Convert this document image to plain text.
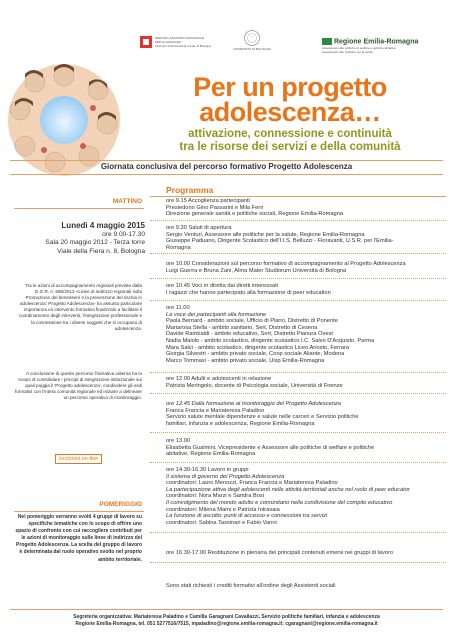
SERVIZIO SANITARIO REGIONALE
EMILIA-ROMAGNA
Azienda Unità Sanitaria Locale di Bologna
UNIVERSITÀ DI BOLOGNA
Regione Emilia-Romagna
Assessorato alle politiche di welfare e politiche abitative
Assessorato alle politiche per la salute
Per un progetto
adolescenza…
attivazione, connessione e continuità
tra le risorse dei servizi e della comunità
Giornata conclusiva del percorso formativo Progetto Adolescenza
MATTINO
Lunedì 4 maggio 2015
ore 9.00-17.30
Sala 20 maggio 2012 - Terza torre
Viale della Fiera n. 8, Bologna
Tra le azioni di accompagnamento regionali previste dalla D.G.R. n. 590/2013 «Linee di indirizzo regionali sulla Promozione del benessere e la prevenzione del rischio in adolescenza: Progetto Adolescenza» ha assunto particolare importanza un intervento formativo finalizzato a facilitare il coordinamento degli interventi, l'integrazione professionale e la connessione tra i diversi soggetti che si occupano di adolescenza.
A conclusione di questo percorso l'iniziativa odierna ha lo scopo di consolidare i principi di integrazione istituzionale sui quali poggia il 'Progetto adolescenza', condividere gli esiti formativi con l'intera comunità regionale ed iniziare a delineare un percorso operativo di monitoraggio.
iscrizioni on-line
POMERIGGIO
Nel pomeriggio verranno svolti 4 gruppi di lavoro su specifiche tematiche con lo scopo di offrire uno spazio di confronto con cui raccogliere contributi per le azioni di monitoraggio sulle linee di indirizzo del Progetto Adolescenza. La scelta del gruppo di lavoro è determinata dal ruolo operativo svolto nel proprio ambito territoriale.
Programma
ore 9.15 Accoglienza partecipanti
Presiedono Gino Passarini e Mila Ferri
Direzione generale sanità e politiche sociali, Regione Emilia-Romagna
ore 9.30 Saluti di apertura
Sergio Venturi, Assessore alle politiche per la salute, Regione Emilia-Romagna
Giuseppe Paduano, Dirigente Scolastico dell'I.I.S. Belluzzi - Fioravanti, U.S.R. per l'Emilia-
Romagna
ore 10.00 Considerazioni sul percorso formativo di accompagnamento al Progetto Adolescenza
Luigi Guerra e Bruna Zani, Alma Mater Studiorum Università di Bologna
ore 10.45 Voci in diretta dai diretti interessati
I ragazzi che hanno partecipato alla formazione di peer education
ore 11.00
La voce dei partecipanti alla formazione
Paola Bernard - ambito sociale, Ufficio di Piano, Distretto di Ponente
Mariarosa Stella - ambito sanitario, Sert, Distretto di Cesena
Davide Rambaldi - ambito educativo, Sert, Distretto Pianura Ovest
Nadia Maiolo - ambito scolastico, dirigente scolastico I.C. Salvo D'Acquisto, Parma
Mara Salvi - ambito scolastico, dirigente scolastico Liceo Ariosto, Ferrara
Giorgia Silvestri - ambito privato sociale, Coop sociale Aliante, Modena
Marco Tommasi - ambito privato sociale, Uisp Emilia-Romagna
ore 12.00 Adulti e adolescenti in relazione
Patrizia Meringolo, docente di Psicologia sociale, Università di Firenze
ore 12.45 Dalla formazione al monitoraggio del Progetto Adolescenza
Franca Francia e Mariateresa Paladino
Servizio salute mentale dipendenze e salute nelle carceri e Servizio politiche
familiari, infanzia e adolescenza, Regione Emilia-Romagna
ore 13.00
Elisabetta Gualmini, Vicepresidente e Assessore alle politiche di welfare e politiche
abitative, Regione Emilia-Romagna
ore 14.30-16.30 Lavoro in gruppi
Il sistema di governo del Progetto Adolescenza
coordinatori: Lauro Menozzi, Franca Francia e Mariateresa Paladino
La partecipazione attiva degli adolescenti nelle attività territoriali anche nel ruolo di peer educator
coordinatori: Nora Marzi e Sandra Bosi
Il coinvolgimento del mondo adulto e comunitario nella condivisione del compito educativo
coordinatori: Milena Mami e Patrizia Intravaia
La funzione di ascolto: punti di accesso e connessioni tra servizi
coordinatori: Sabina Tassinari e Fabio Vanni
ore 16.30-17.00 Restituzione in plenaria dei principali contenuti emersi nei gruppi di lavoro
Sono stati richiesti i crediti formativi all'ordine degli Assistenti sociali
Segreteria organizzativa: Mariateresa Paladino e Camilla Garagnani Cavallazzi, Servizio politiche familiari, infanzia e adolescenza
Regione Emilia-Romagna, tel. 051 5277516/7515, mpaladino@regione.emilia-romagna.it; cgaragnani@regione.emilia-romagna.it
